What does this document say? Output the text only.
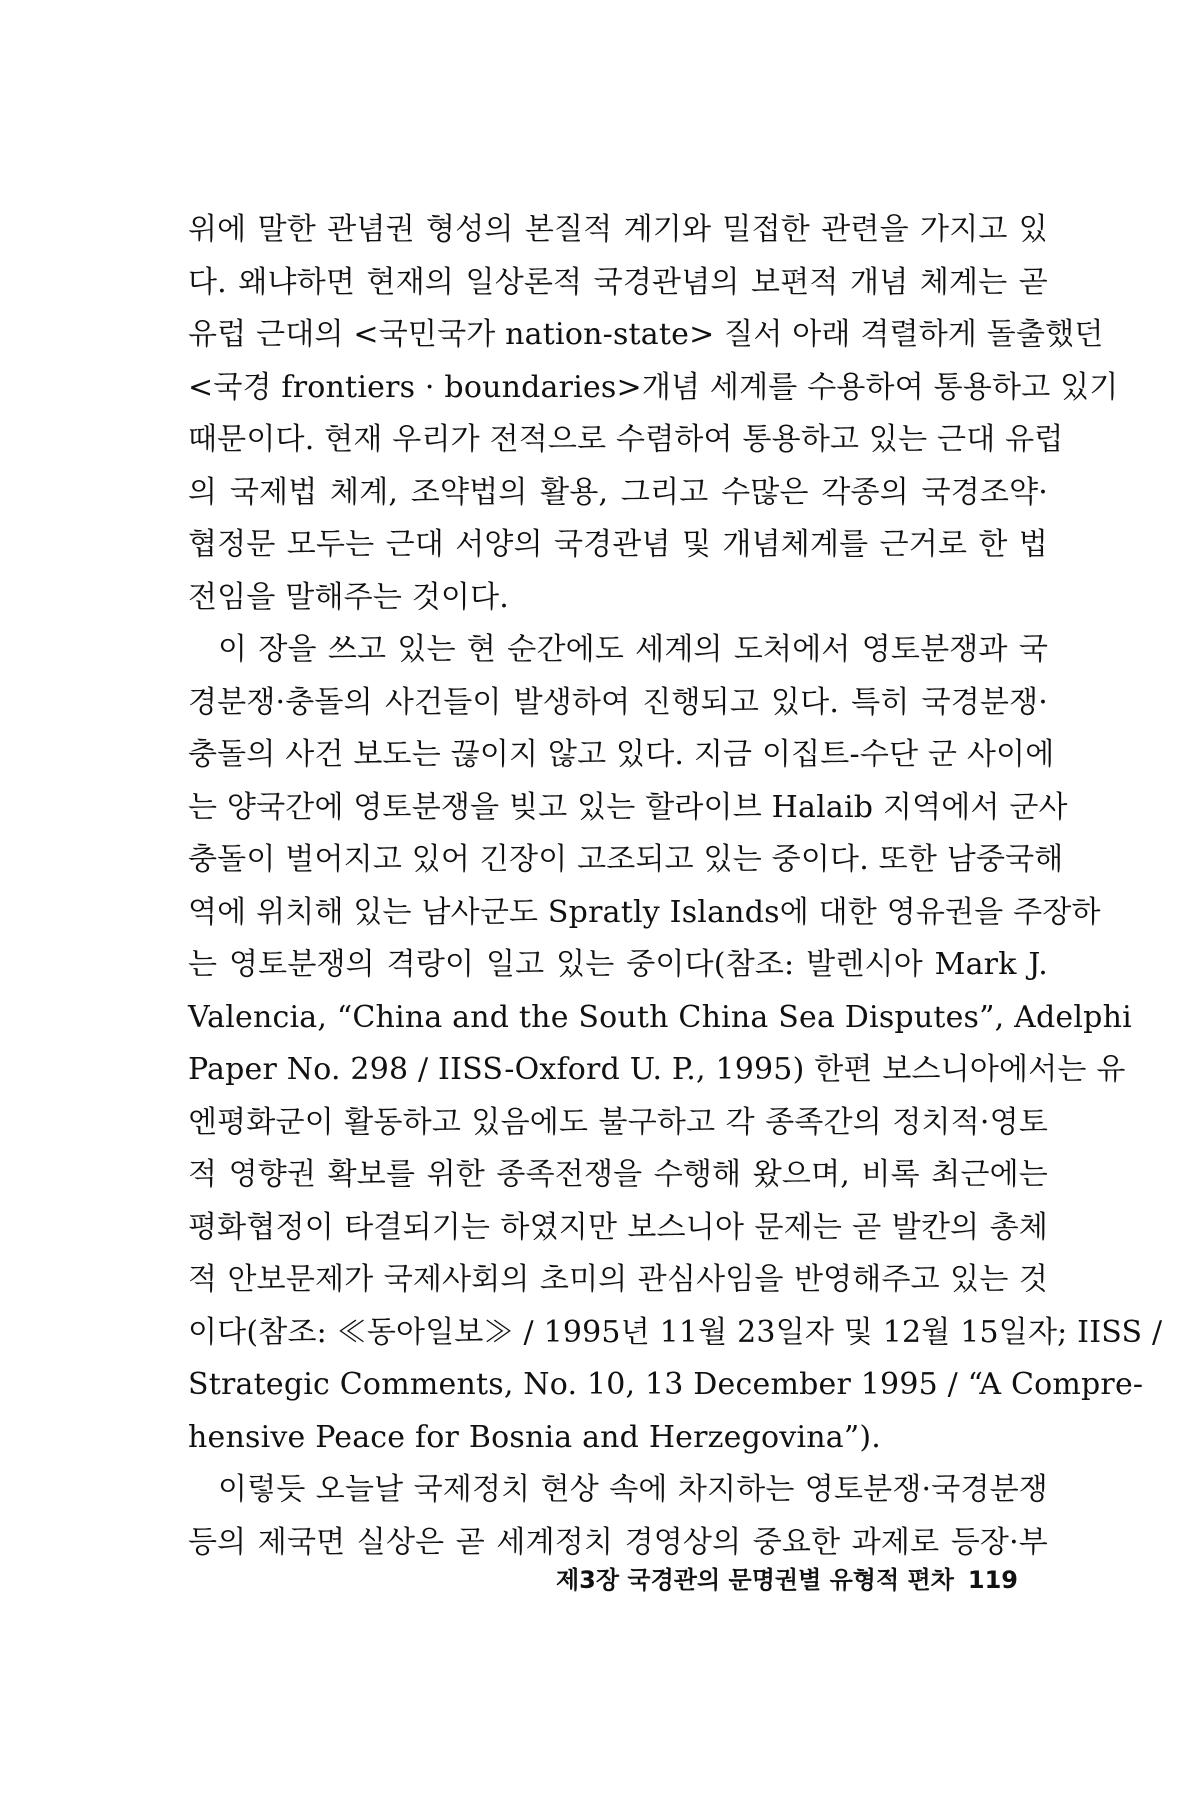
위에 말한 관념권 형성의 본질적 계기와 밀접한 관련을 가지고 있
다. 왜냐하면 현재의 일상론적 국경관념의 보편적 개념 체계는 곧
유럽 근대의 <국민국가 nation-state> 질서 아래 격렬하게 돌출했던
<국경 frontiers · boundaries>개념 세계를 수용하여 통용하고 있기
때문이다. 현재 우리가 전적으로 수렴하여 통용하고 있는 근대 유럽
의 국제법 체계, 조약법의 활용, 그리고 수많은 각종의 국경조약·
협정문 모두는 근대 서양의 국경관념 및 개념체계를 근거로 한 법
전임을 말해주는 것이다.
이 장을 쓰고 있는 현 순간에도 세계의 도처에서 영토분쟁과 국
경분쟁·충돌의 사건들이 발생하여 진행되고 있다. 특히 국경분쟁·
충돌의 사건 보도는 끊이지 않고 있다. 지금 이집트-수단 군 사이에
는 양국간에 영토분쟁을 빚고 있는 할라이브 Halaib 지역에서 군사
충돌이 벌어지고 있어 긴장이 고조되고 있는 중이다. 또한 남중국해
역에 위치해 있는 남사군도 Spratly Islands에 대한 영유권을 주장하
는 영토분쟁의 격랑이 일고 있는 중이다(참조: 발렌시아 Mark J.
Valencia, “China and the South China Sea Disputes”, Adelphi
Paper No. 298 / IISS-Oxford U. P., 1995) 한편 보스니아에서는 유
엔평화군이 활동하고 있음에도 불구하고 각 종족간의 정치적·영토
적 영향권 확보를 위한 종족전쟁을 수행해 왔으며, 비록 최근에는
평화협정이 타결되기는 하였지만 보스니아 문제는 곧 발칸의 총체
적 안보문제가 국제사회의 초미의 관심사임을 반영해주고 있는 것
이다(참조: ≪동아일보≫ / 1995년 11월 23일자 및 12월 15일자; IISS /
Strategic Comments, No. 10, 13 December 1995 / “A Compre-
hensive Peace for Bosnia and Herzegovina”).
이렇듯 오늘날 국제정치 현상 속에 차지하는 영토분쟁·국경분쟁
등의 제국면 실상은 곧 세계정치 경영상의 중요한 과제로 등장·부
제3장 국경관의 문명권별 유형적 편차 119
